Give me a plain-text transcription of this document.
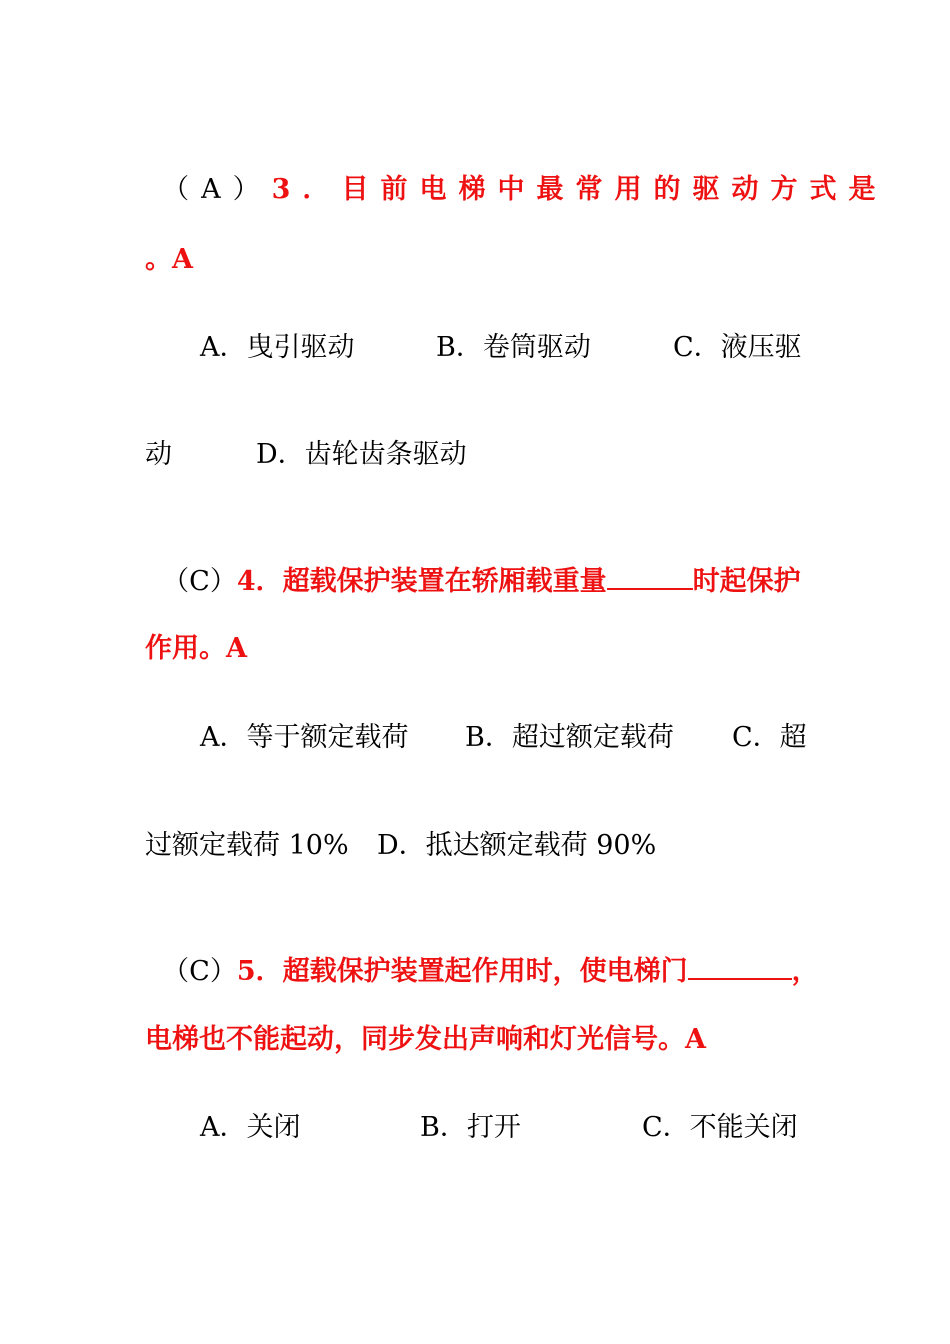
（A）3．目前电梯中最常用的驱动方式是

。A
A．曳引驱动	B．卷筒驱动	C．液压驱
动	D．齿轮齿条驱动

（C）4．超载保护装置在轿厢载重量	时起保护

作用。A
A．等于额定载荷 B．超过额定载荷 C．超
过额定载荷 10% D．抵达额定载荷 90%

（C）5．超载保护装置起作用时，使电梯门	，

电梯也不能起动，同步发出声响和灯光信号。A
A．关闭	B．打开	C．不能关闭
